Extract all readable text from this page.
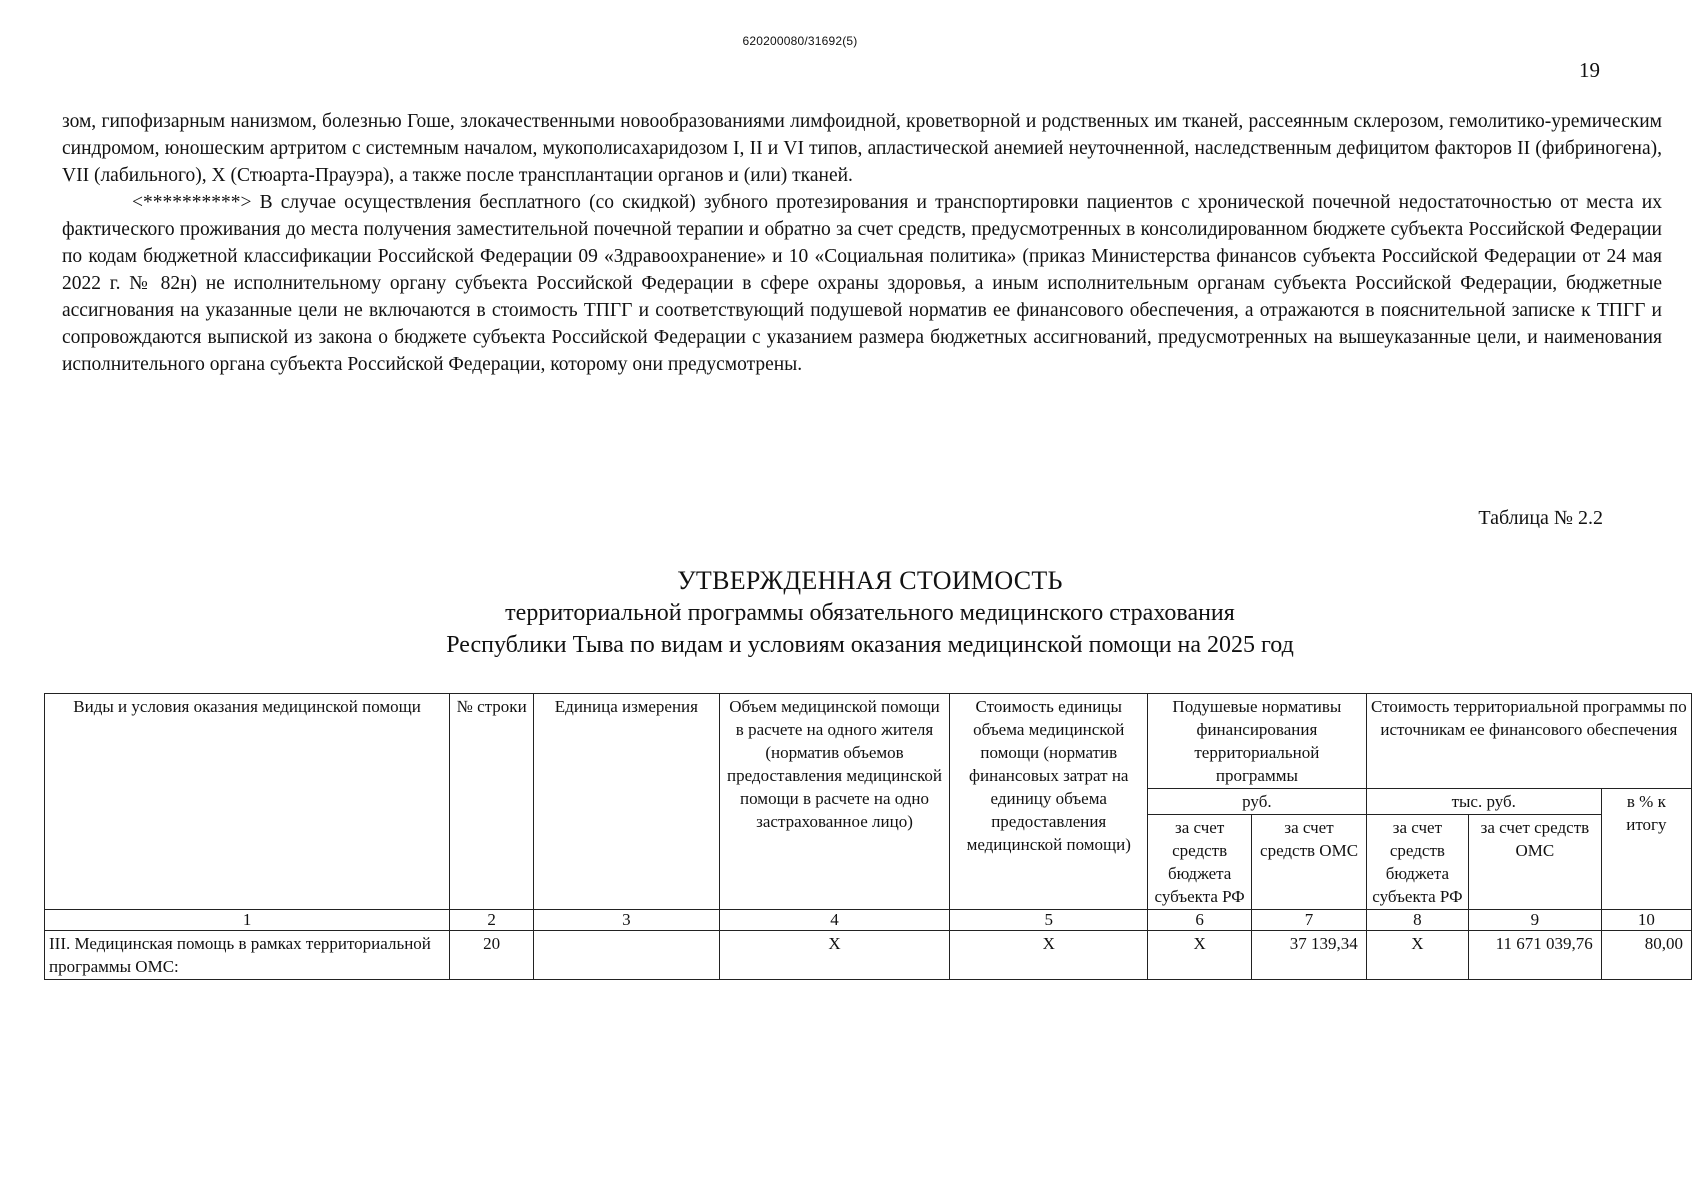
620200080/31692(5)
19

зом, гипофизарным нанизмом, болезнью Гоше, злокачественными новообразованиями лимфоидной, кроветворной и родственных им тканей, рассеянным склерозом, гемолитико-уремическим синдромом, юношеским артритом с системным началом, мукополисахаридозом I, II и VI типов, апластической анемией неуточненной, наследственным дефицитом факторов II (фибриногена), VII (лабильного), X (Стюарта-Прауэра), а также после трансплантации органов и (или) тканей.

<**********> В случае осуществления бесплатного (со скидкой) зубного протезирования и транспортировки пациентов с хронической почечной недостаточностью от места их фактического проживания до места получения заместительной почечной терапии и обратно за счет средств, предусмотренных в консолидированном бюджете субъекта Российской Федерации по кодам бюджетной классификации Российской Федерации 09 «Здравоохранение» и 10 «Социальная политика» (приказ Министерства финансов субъекта Российской Федерации от 24 мая 2022 г. № 82н) не исполнительному органу субъекта Российской Федерации в сфере охраны здоровья, а иным исполнительным органам субъекта Российской Федерации, бюджетные ассигнования на указанные цели не включаются в стоимость ТПГГ и соответствующий подушевой норматив ее финансового обеспечения, а отражаются в пояснительной записке к ТПГГ и сопровождаются выпиской из закона о бюджете субъекта Российской Федерации с указанием размера бюджетных ассигнований, предусмотренных на вышеуказанные цели, и наименования исполнительного органа субъекта Российской Федерации, которому они предусмотрены.

Таблица № 2.2
УТВЕРЖДЕННАЯ СТОИМОСТЬ
территориальной программы обязательного медицинского страхования
Республики Тыва по видам и условиям оказания медицинской помощи на 2025 год
Виды и условия оказания медицинской помощи	№ строки	Единица измерения	Объем медицинской помощи в расчете на одного жителя (норматив объемов предоставления медицинской помощи в расчете на одно застрахованное лицо)	Стоимость единицы объема медицинской помощи (норматив финансовых затрат на единицу объема предоставления медицинской помощи)	Подушевые нормативы финансирования территориальной программы		Стоимость территориальной программы по источникам ее финансового обеспечения		
					руб.		тыс. руб.		в % к итогу
					за счет средств бюджета субъекта РФ	за счет средств ОМС	за счет средств бюджета субъекта РФ	за счет средств ОМС	
1	2	3	4	5	6	7	8	9	10
III. Медицинская помощь в рамках территориальной программы ОМС:	20		X	X	X	37 139,34	X	11 671 039,76	80,00
